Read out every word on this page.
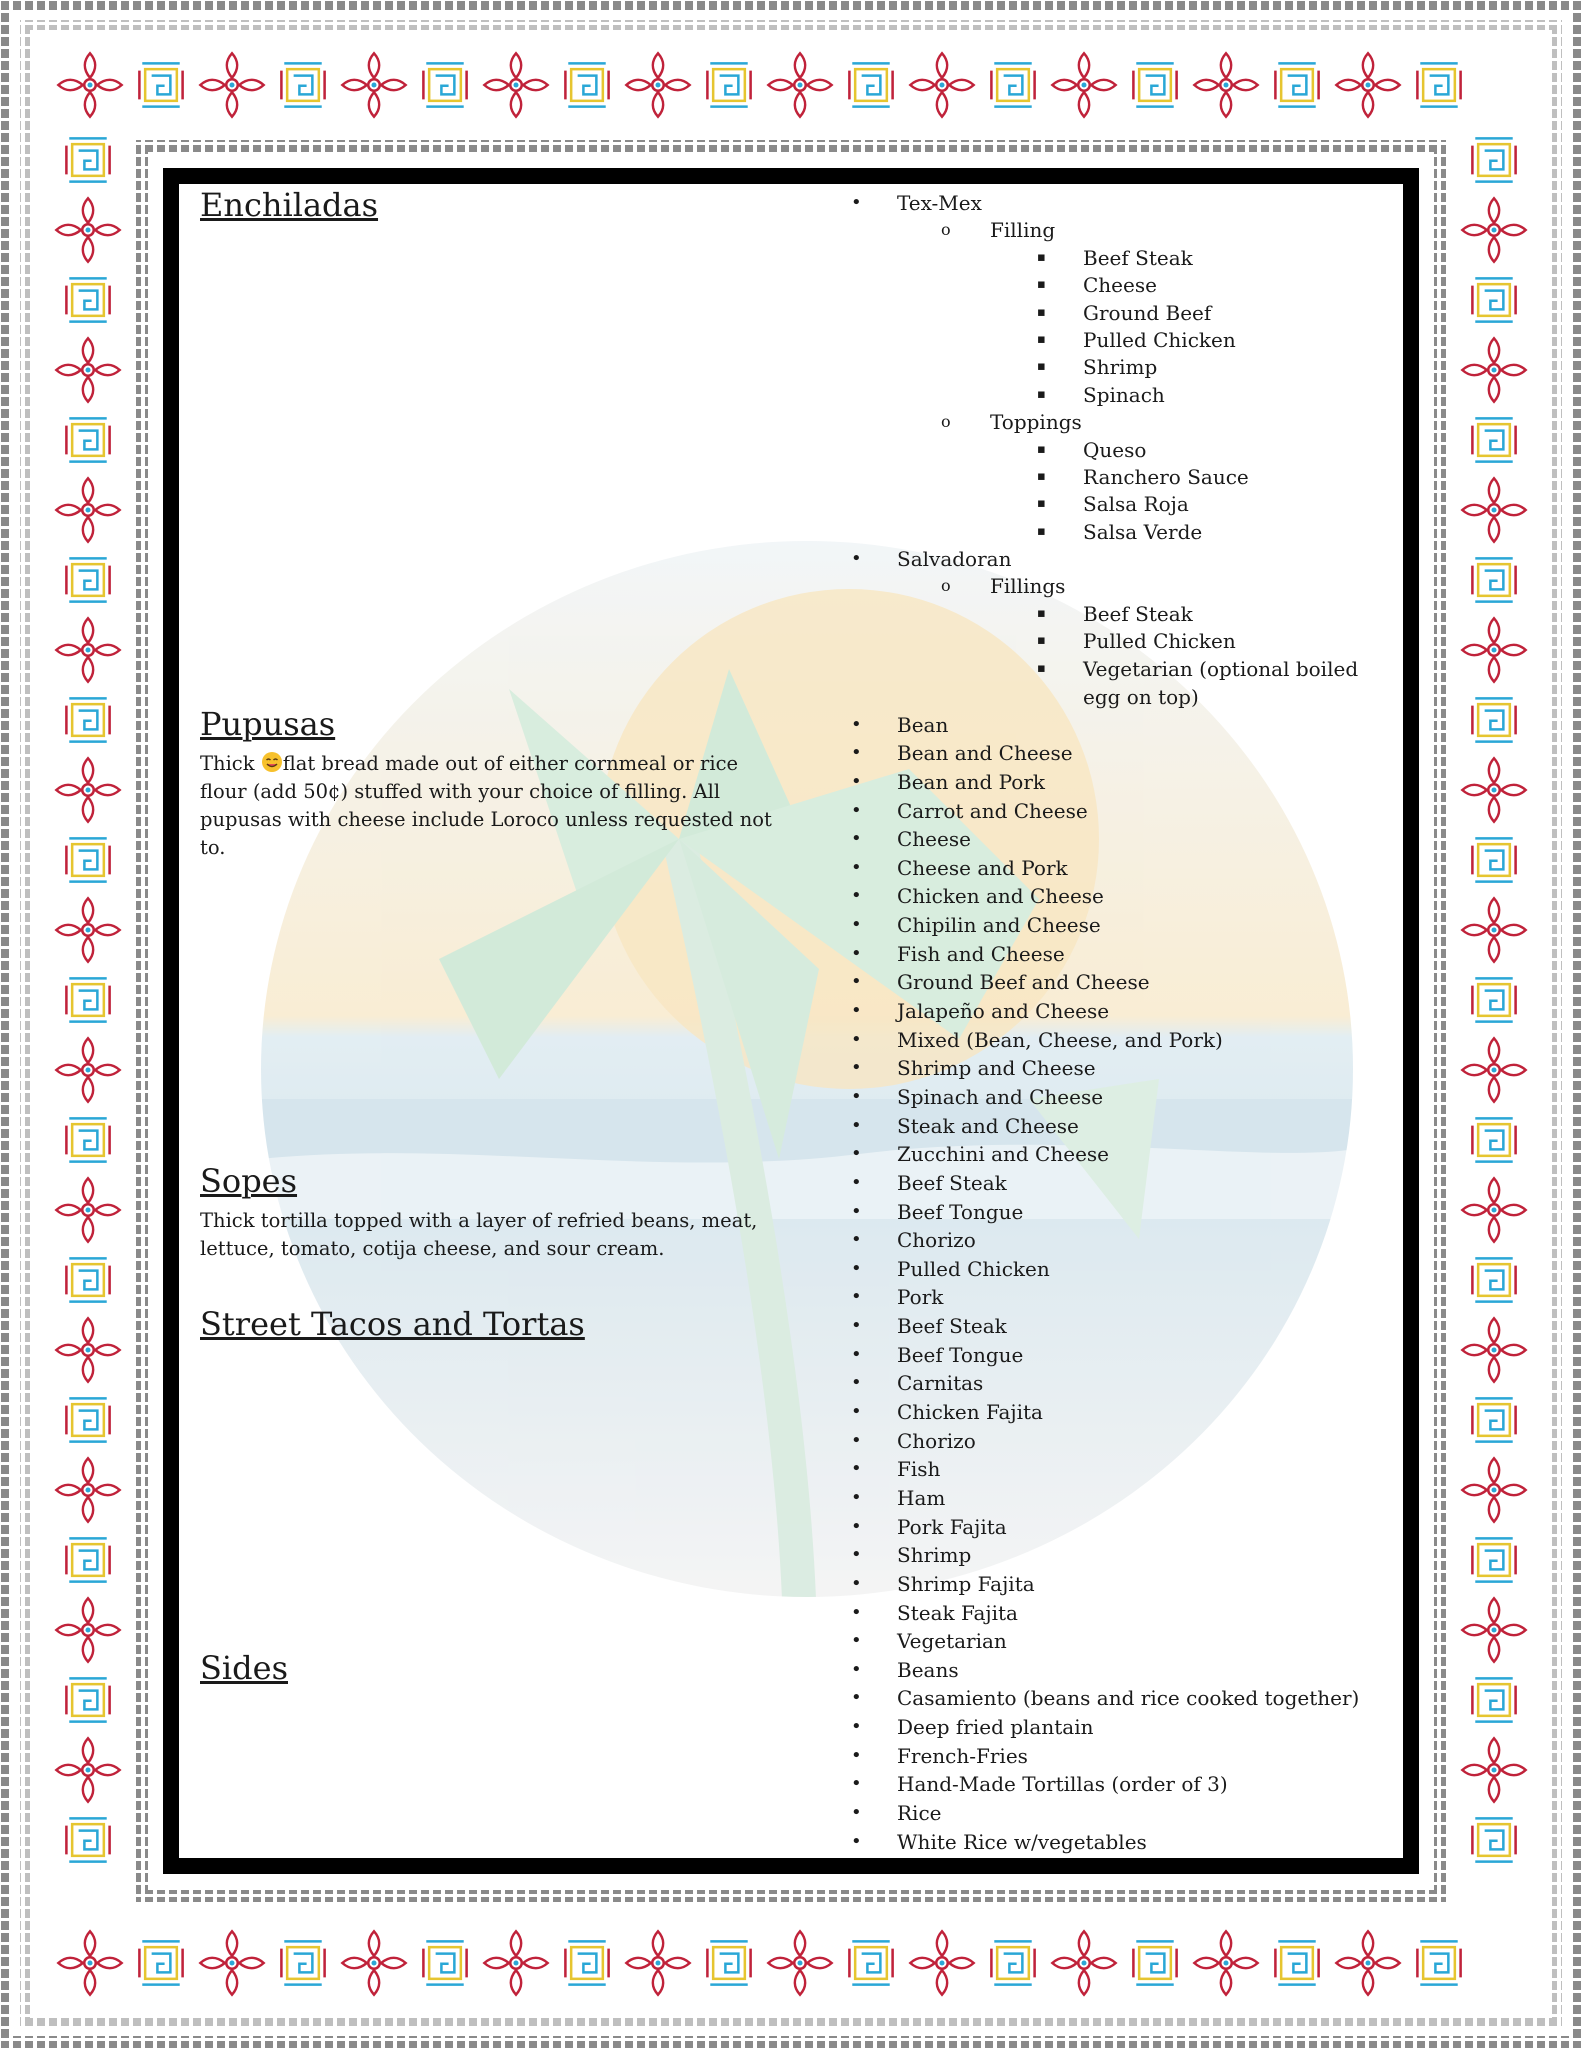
Enchiladas
Pupusas

Thick flat bread made out of either cornmeal or rice flour (add 50¢) stuffed with your choice of filling. All pupusas with cheese include Loroco unless requested not to.

Sopes

Thick tortilla topped with a layer of refried beans, meat, lettuce, tomato, cotija cheese, and sour cream.

Street Tacos and Tortas
Sides
• Tex-Mex
o Filling
▪ Beef Steak
▪ Cheese
▪ Ground Beef
▪ Pulled Chicken
▪ Shrimp
▪ Spinach
o Toppings
▪ Queso
▪ Ranchero Sauce
▪ Salsa Roja
▪ Salsa Verde
• Salvadoran
o Fillings
▪ Beef Steak
▪ Pulled Chicken
▪ Vegetarian (optional boiled egg on top)
• Bean
• Bean and Cheese
• Bean and Pork
• Carrot and Cheese
• Cheese
• Cheese and Pork
• Chicken and Cheese
• Chipilin and Cheese
• Fish and Cheese
• Ground Beef and Cheese
• Jalapeño and Cheese
• Mixed (Bean, Cheese, and Pork)
• Shrimp and Cheese
• Spinach and Cheese
• Steak and Cheese
• Zucchini and Cheese
• Beef Steak
• Beef Tongue
• Chorizo
• Pulled Chicken
• Pork
• Beef Steak
• Beef Tongue
• Carnitas
• Chicken Fajita
• Chorizo
• Fish
• Ham
• Pork Fajita
• Shrimp
• Shrimp Fajita
• Steak Fajita
• Vegetarian
• Beans
• Casamiento (beans and rice cooked together)
• Deep fried plantain
• French-Fries
• Hand-Made Tortillas (order of 3)
• Rice
• White Rice w/vegetables
